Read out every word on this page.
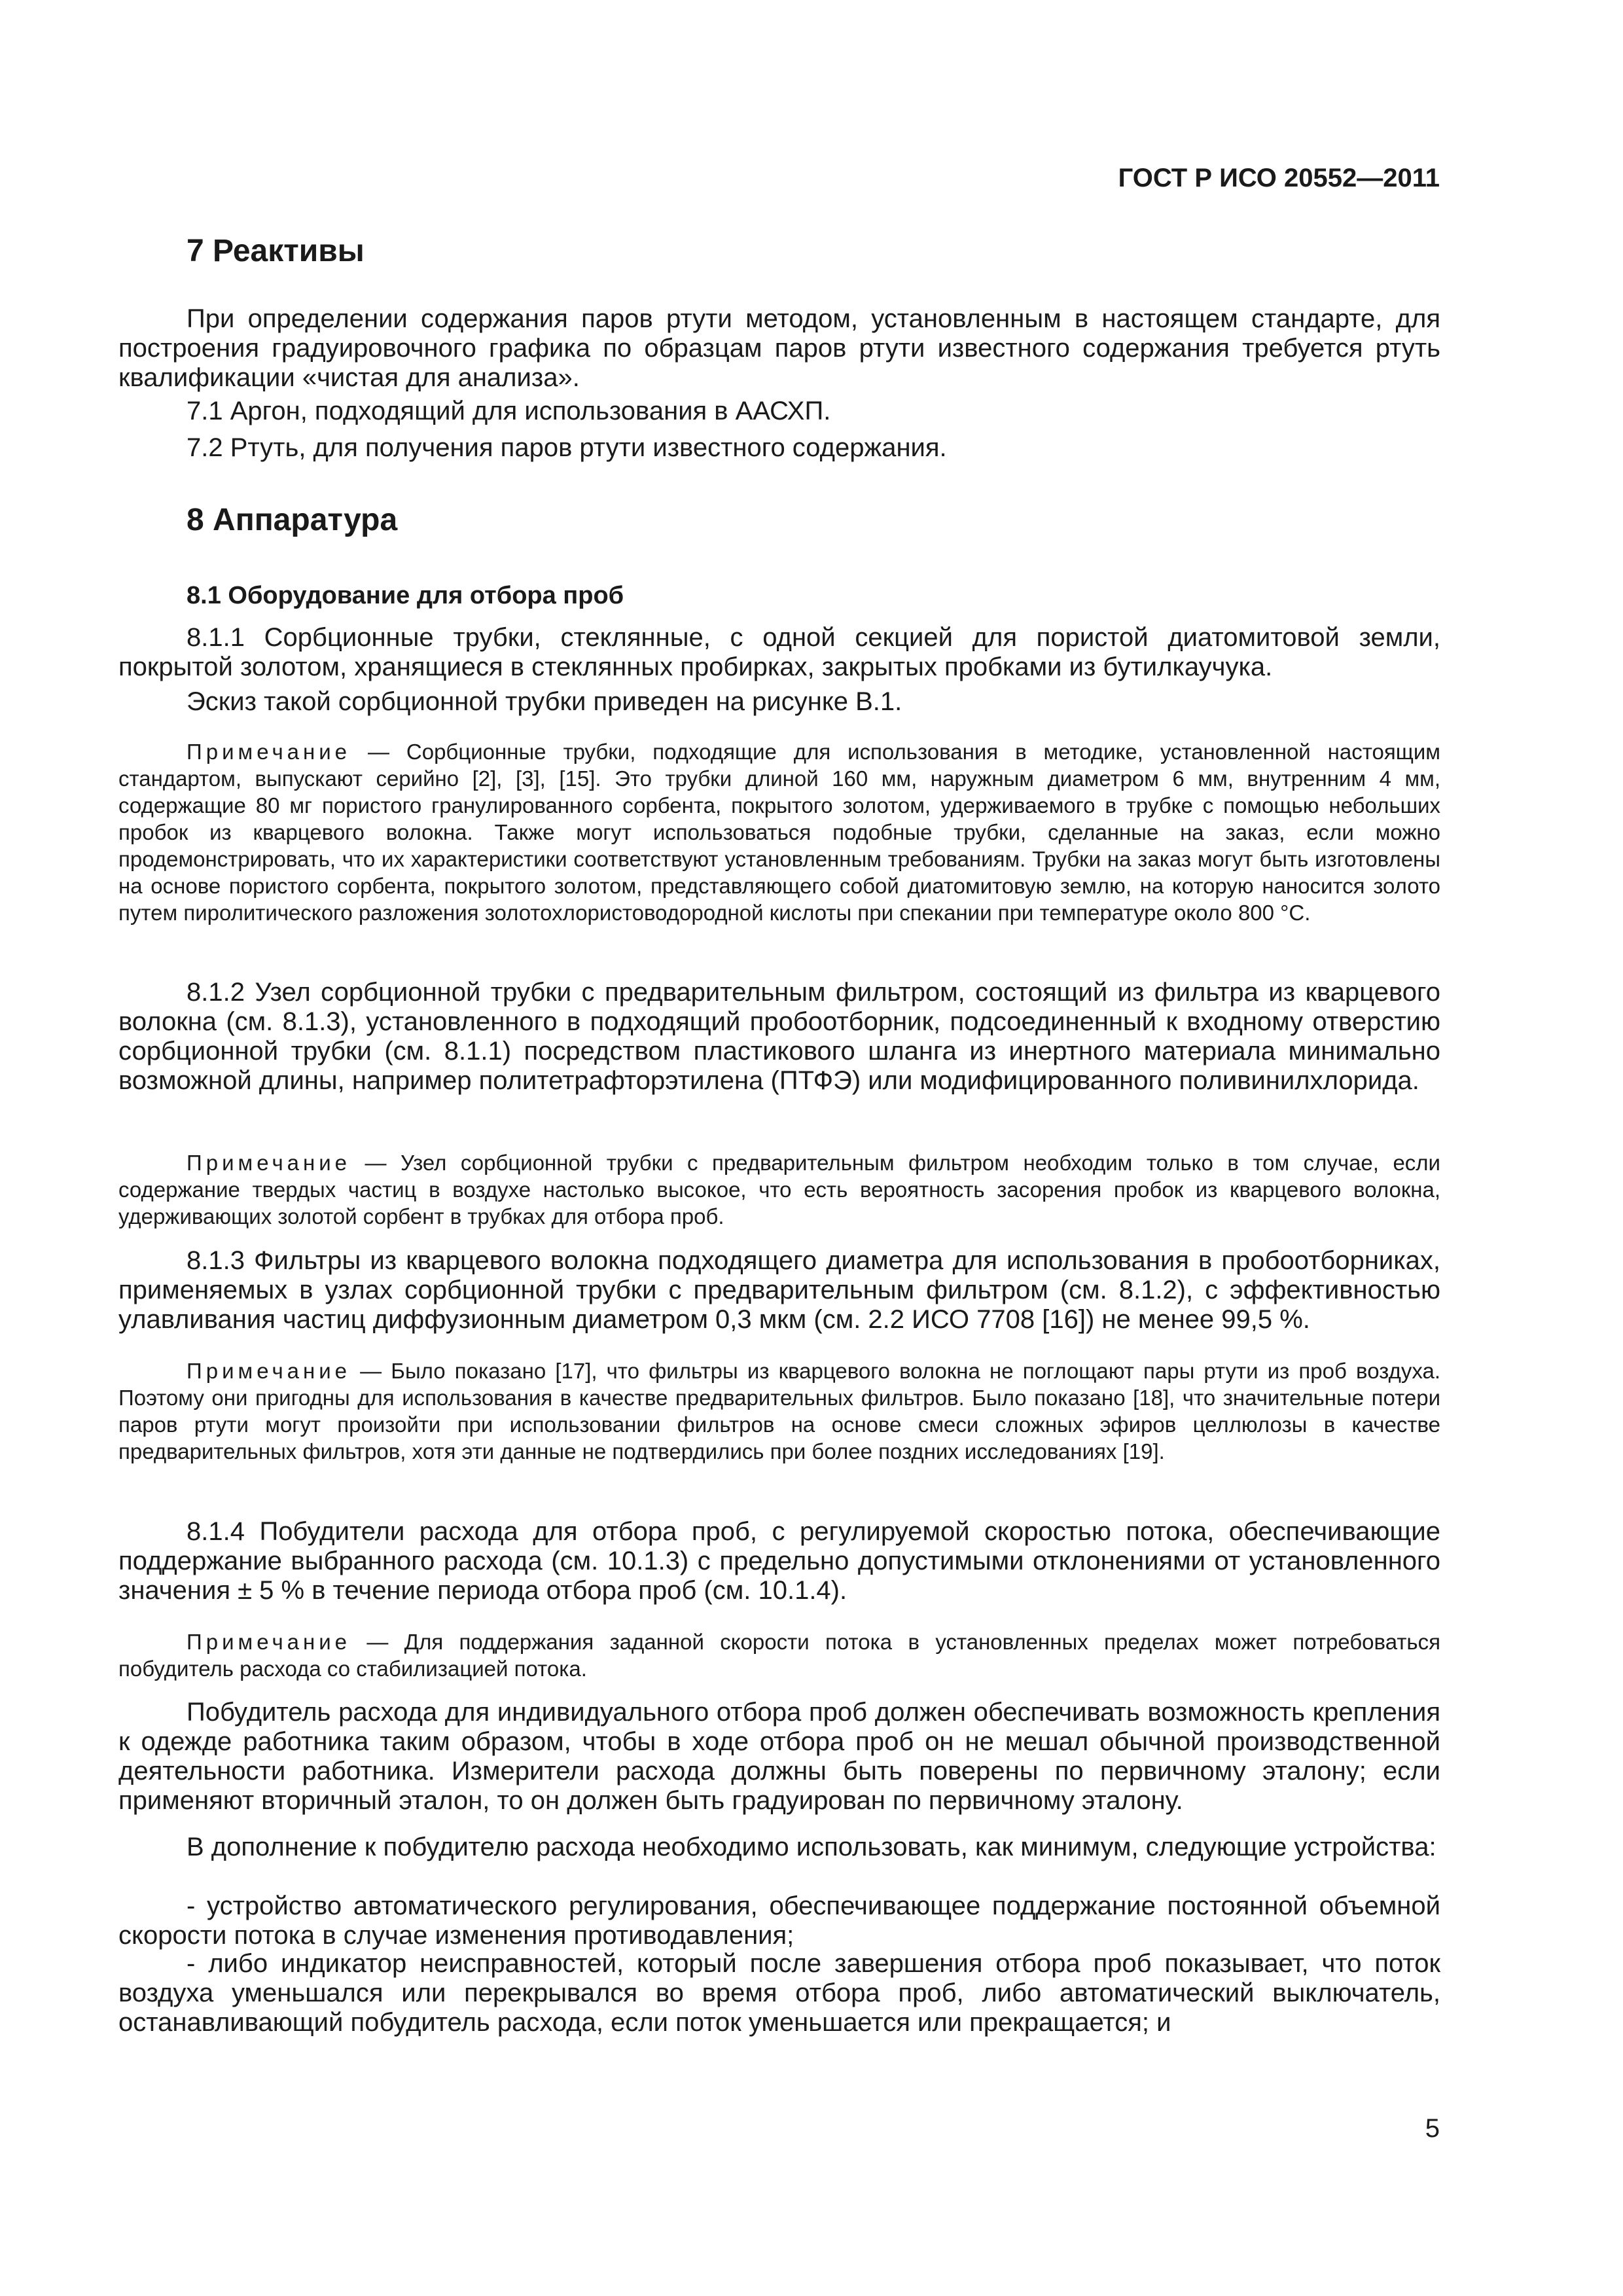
ГОСТ Р ИСО 20552—2011
7 Реактивы

При определении содержания паров ртути методом, установленным в настоящем стандарте, для построения градуировочного графика по образцам паров ртути известного содержания требуется ртуть квалификации «чистая для анализа».

7.1 Аргон, подходящий для использования в ААСХП.

7.2 Ртуть, для получения паров ртути известного содержания.

8 Аппаратура
8.1 Оборудование для отбора проб

8.1.1 Сорбционные трубки, стеклянные, с одной секцией для пористой диатомитовой земли, покрытой золотом, хранящиеся в стеклянных пробирках, закрытых пробками из бутилкаучука.

Эскиз такой сорбционной трубки приведен на рисунке В.1.

Примечание — Сорбционные трубки, подходящие для использования в методике, установленной настоящим стандартом, выпускают серийно [2], [3], [15]. Это трубки длиной 160 мм, наружным диаметром 6 мм, внутренним 4 мм, содержащие 80 мг пористого гранулированного сорбента, покрытого золотом, удерживаемого в трубке с помощью небольших пробок из кварцевого волокна. Также могут использоваться подобные трубки, сделанные на заказ, если можно продемонстрировать, что их характеристики соответствуют установленным требованиям. Трубки на заказ могут быть изготовлены на основе пористого сорбента, покрытого золотом, представляющего собой диатомитовую землю, на которую наносится золото путем пиролитического разложения золотохлористоводородной кислоты при спекании при температуре около 800 °C.

8.1.2 Узел сорбционной трубки с предварительным фильтром, состоящий из фильтра из кварцевого волокна (см. 8.1.3), установленного в подходящий пробоотборник, подсоединенный к входному отверстию сорбционной трубки (см. 8.1.1) посредством пластикового шланга из инертного материала минимально возможной длины, например политетрафторэтилена (ПТФЭ) или модифицированного поливинилхлорида.

Примечание — Узел сорбционной трубки с предварительным фильтром необходим только в том случае, если содержание твердых частиц в воздухе настолько высокое, что есть вероятность засорения пробок из кварцевого волокна, удерживающих золотой сорбент в трубках для отбора проб.

8.1.3 Фильтры из кварцевого волокна подходящего диаметра для использования в пробоотборниках, применяемых в узлах сорбционной трубки с предварительным фильтром (см. 8.1.2), с эффективностью улавливания частиц диффузионным диаметром 0,3 мкм (см. 2.2 ИСО 7708 [16]) не менее 99,5 %.

Примечание — Было показано [17], что фильтры из кварцевого волокна не поглощают пары ртути из проб воздуха. Поэтому они пригодны для использования в качестве предварительных фильтров. Было показано [18], что значительные потери паров ртути могут произойти при использовании фильтров на основе смеси сложных эфиров целлюлозы в качестве предварительных фильтров, хотя эти данные не подтвердились при более поздних исследованиях [19].

8.1.4 Побудители расхода для отбора проб, с регулируемой скоростью потока, обеспечивающие поддержание выбранного расхода (см. 10.1.3) с предельно допустимыми отклонениями от установленного значения ± 5 % в течение периода отбора проб (см. 10.1.4).

Примечание — Для поддержания заданной скорости потока в установленных пределах может потребоваться побудитель расхода со стабилизацией потока.

Побудитель расхода для индивидуального отбора проб должен обеспечивать возможность крепления к одежде работника таким образом, чтобы в ходе отбора проб он не мешал обычной производственной деятельности работника. Измерители расхода должны быть поверены по первичному эталону; если применяют вторичный эталон, то он должен быть градуирован по первичному эталону.

В дополнение к побудителю расхода необходимо использовать, как минимум, следующие устройства:

- устройство автоматического регулирования, обеспечивающее поддержание постоянной объемной скорости потока в случае изменения противодавления;

- либо индикатор неисправностей, который после завершения отбора проб показывает, что поток воздуха уменьшался или перекрывался во время отбора проб, либо автоматический выключатель, останавливающий побудитель расхода, если поток уменьшается или прекращается; и

5
